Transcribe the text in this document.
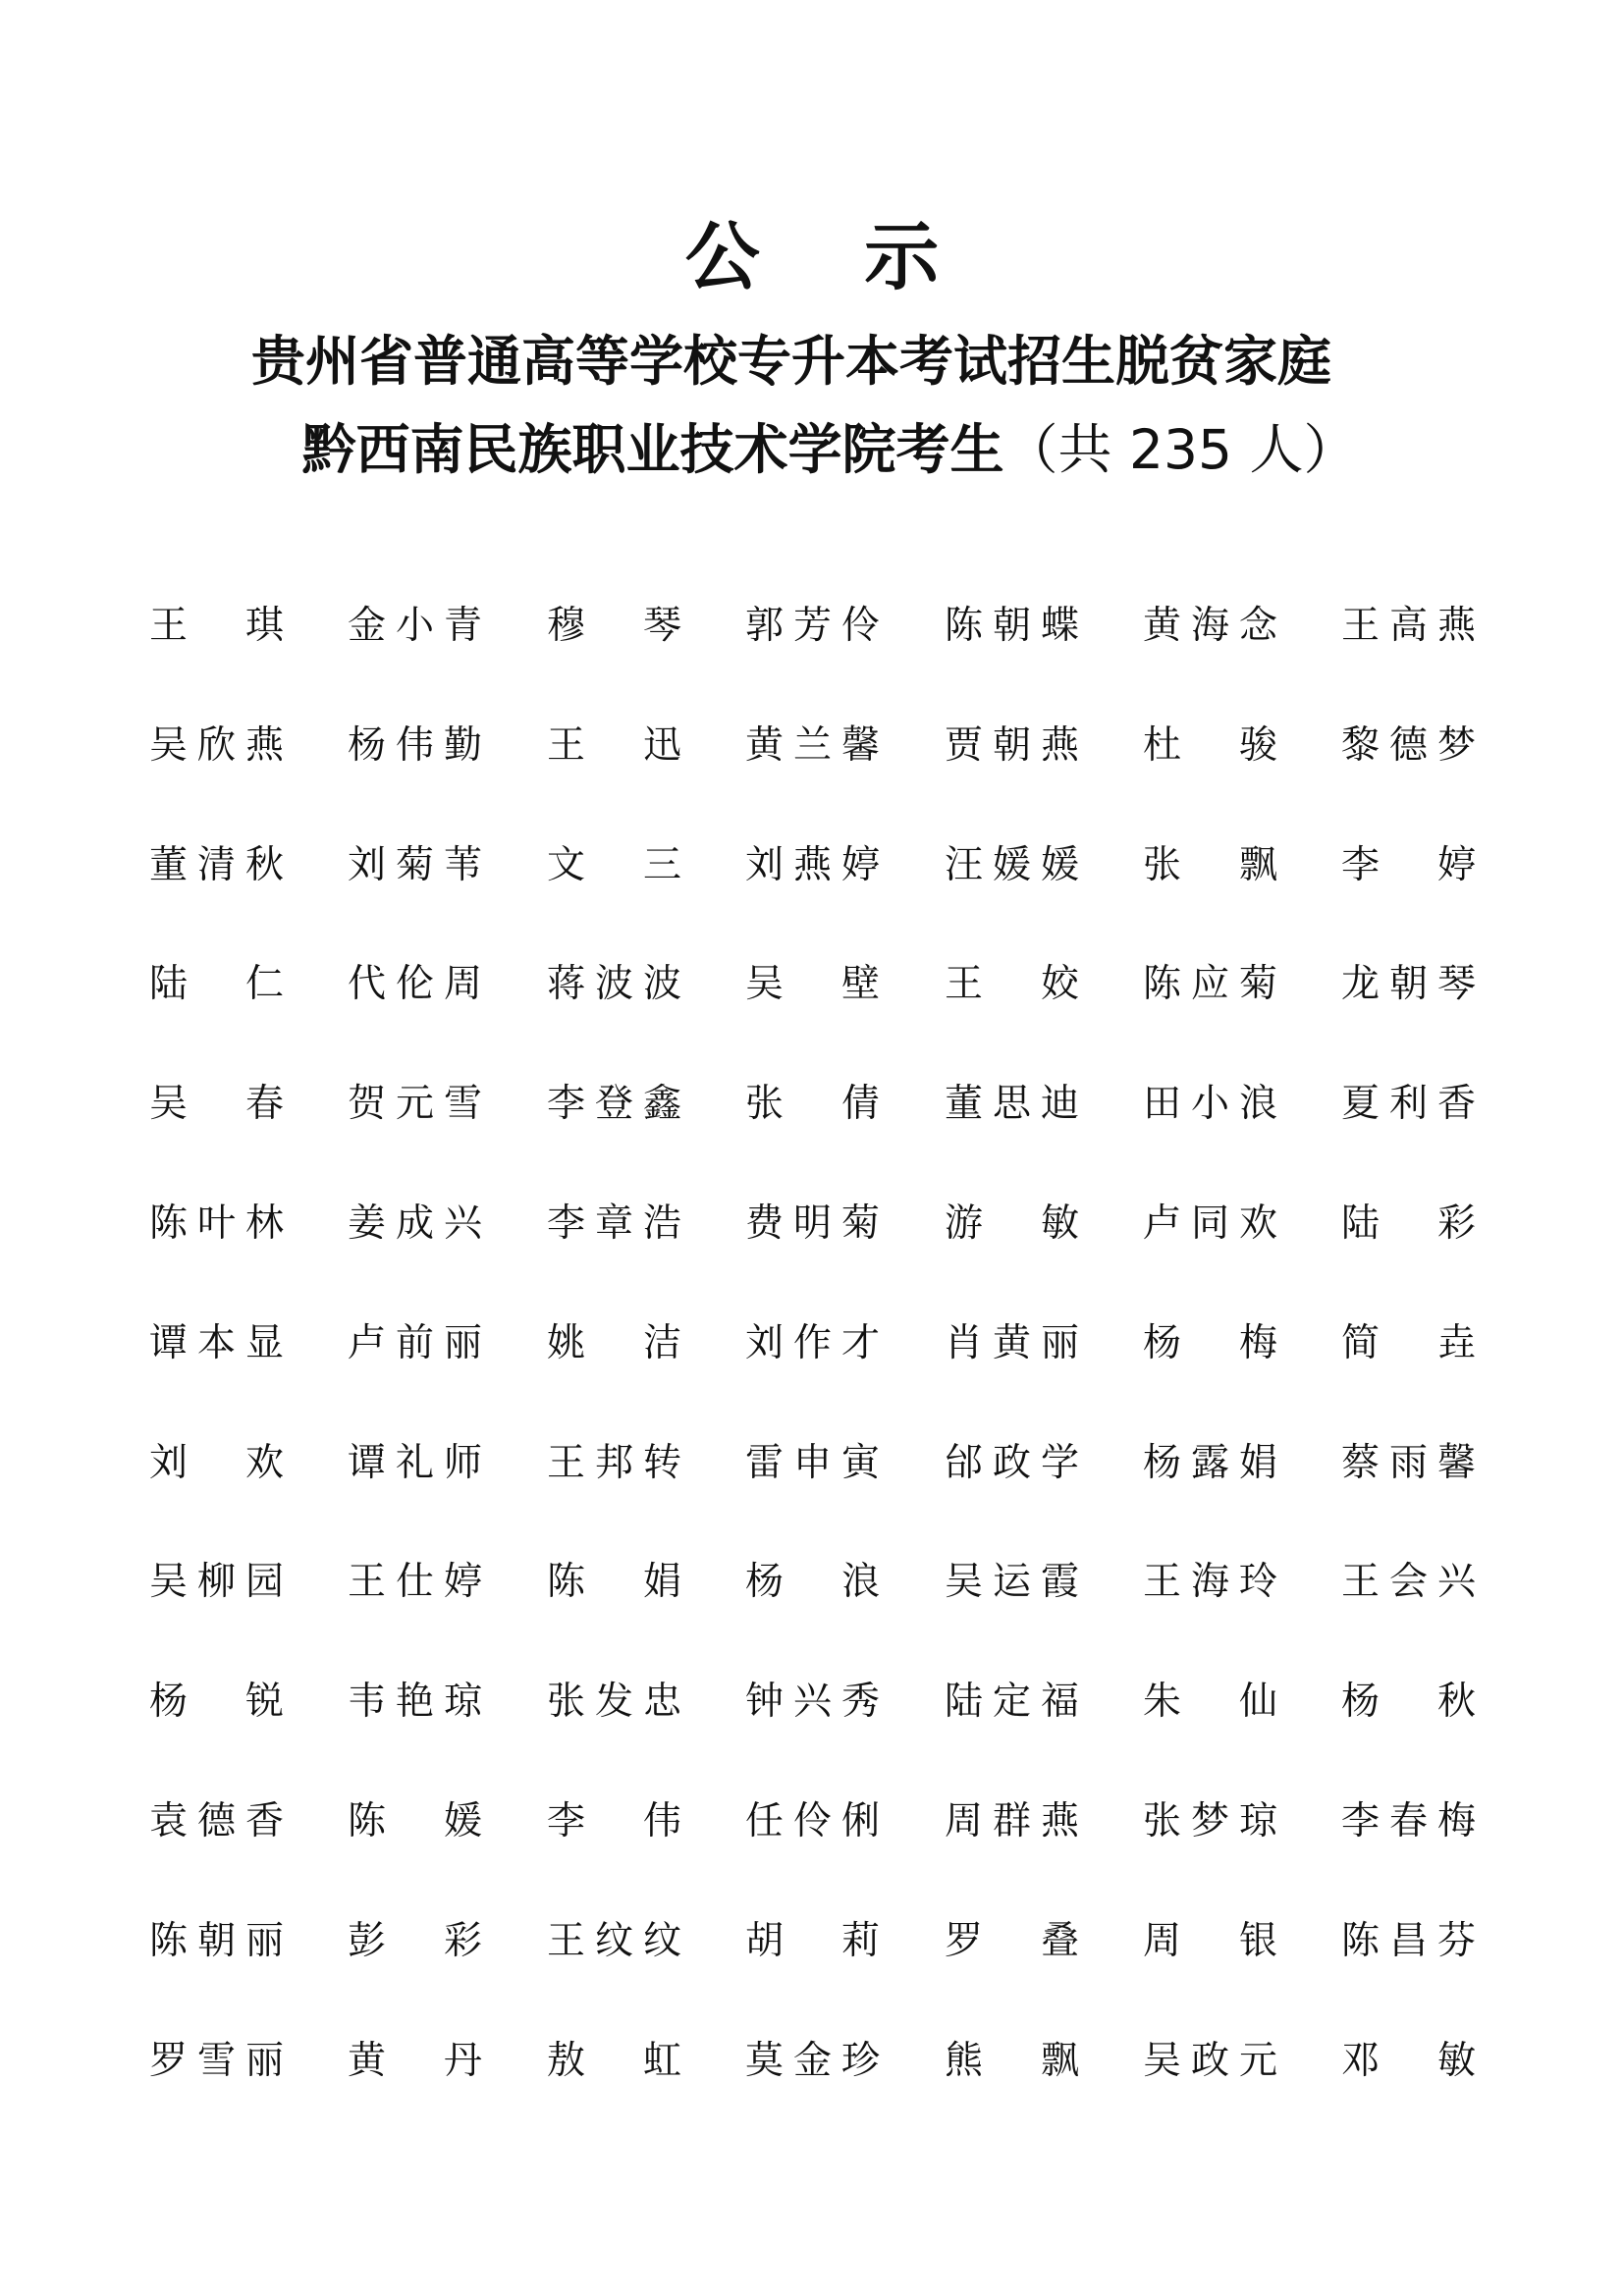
公 示
贵州省普通高等学校专升本考试招生脱贫家庭
黔西南民族职业技术学院考生（共 235 人）
王 琪 金 小 青 穆 琴 郭 芳 伶 陈 朝 蝶 黄 海 念 王 高 燕
吴 欣 燕 杨 伟 勤 王 迅 黄 兰 馨 贾 朝 燕 杜 骏 黎 德 梦
董 清 秋 刘 菊 苇 文 三 刘 燕 婷 汪 媛 媛 张 飘 李 婷
陆 仁 代 伦 周 蒋 波 波 吴 壁 王 姣 陈 应 菊 龙 朝 琴
吴 春 贺 元 雪 李 登 鑫 张 倩 董 思 迪 田 小 浪 夏 利 香
陈 叶 林 姜 成 兴 李 章 浩 费 明 菊 游 敏 卢 同 欢 陆 彩
谭 本 显 卢 前 丽 姚 洁 刘 作 才 肖 黄 丽 杨 梅 简 垚
刘 欢 谭 礼 师 王 邦 转 雷 申 寅 邰 政 学 杨 露 娟 蔡 雨 馨
吴 柳 园 王 仕 婷 陈 娟 杨 浪 吴 运 霞 王 海 玲 王 会 兴
杨 锐 韦 艳 琼 张 发 忠 钟 兴 秀 陆 定 福 朱 仙 杨 秋
袁 德 香 陈 媛 李 伟 任 伶 俐 周 群 燕 张 梦 琼 李 春 梅
陈 朝 丽 彭 彩 王 纹 纹 胡 莉 罗 叠 周 银 陈 昌 芬
罗 雪 丽 黄 丹 敖 虹 莫 金 珍 熊 飘 吴 政 元 邓 敏
